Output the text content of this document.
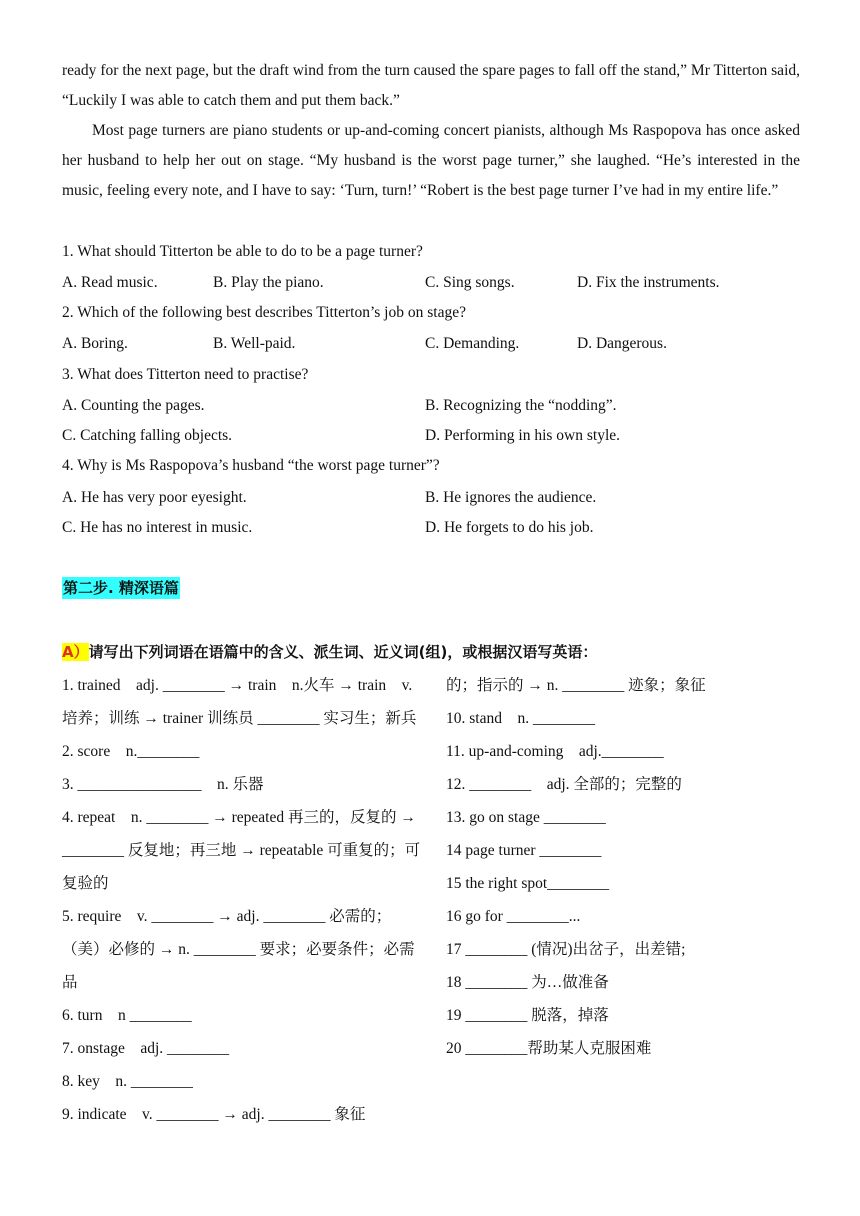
ready for the next page, but the draft wind from the turn caused the spare pages to fall off the stand,” Mr Titterton said, “Luckily I was able to catch them and put them back.”
Most page turners are piano students or up-and-coming concert pianists, although Ms Raspopova has once asked her husband to help her out on stage. “My husband is the worst page turner,” she laughed. “He’s interested in the music, feeling every note, and I have to say: ‘Turn, turn!’ “Robert is the best page turner I’ve had in my entire life.”
1. What should Titterton be able to do to be a page turner?
A. Read music.	B. Play the piano.	C. Sing songs.	D. Fix the instruments.
2. Which of the following best describes Titterton’s job on stage?
A. Boring.	B. Well-paid.	C. Demanding.	D. Dangerous.
3. What does Titterton need to practise?
A. Counting the pages.	B. Recognizing the “nodding”.
C. Catching falling objects.	D. Performing in his own style.
4. Why is Ms Raspopova’s husband “the worst page turner”?
A. He has very poor eyesight.	B. He ignores the audience.
C. He has no interest in music.	D. He forgets to do his job.
第二步. 精深语篇
A）请写出下列词语在语篇中的含义、派生词、近义词(组)，或根据汉语写英语：
1. trained　adj. ________ → train　n.火车 → train　v. 培养；训练 → trainer 训练员 ________ 实习生；新兵
2. score　n.________
3. ________________　n. 乐器
4. repeat　n. ________ → repeated 再三的，反复的 → ________ 反复地；再三地 → repeatable 可重复的；可复验的
5. require　v. ________ → adj. ________ 必需的；（美）必修的 → n. ________ 要求；必要条件；必需品
6. turn　n ________
7. onstage　adj. ________
8. key　n. ________
9. indicate　v. ________ → adj. ________ 象征
的；指示的 → n. ________ 迹象；象征
10. stand　n. ________
11. up-and-coming　adj.________
12. ________　adj. 全部的；完整的
13. go on stage ________
14 page turner ________
15 the right spot________
16 go for ________...
17 ________ (情况)出岔子，出差错;
18 ________ 为…做准备
19 ________ 脱落，掉落
20 ________帮助某人克服困难
